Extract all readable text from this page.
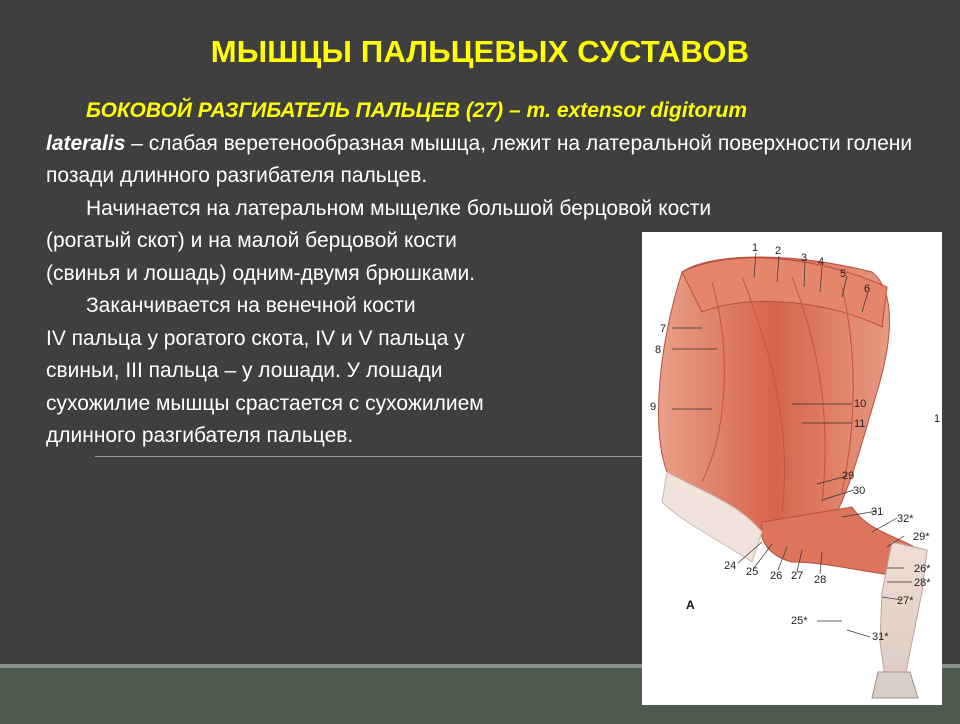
МЫШЦЫ ПАЛЬЦЕВЫХ СУСТАВОВ

БОКОВОЙ РАЗГИБАТЕЛЬ ПАЛЬЦЕВ (27) – m. extensor digitorum
lateralis – слабая веретенообразная мышца, лежит на латеральной поверхности голени позади длинного разгибателя пальцев.

Начинается на латеральном мыщелке большой берцовой кости
(рогатый скот) и на малой берцовой кости
(свинья и лошадь) одним-двумя брюшками.

Заканчивается на венечной кости
IV пальца у рогатого скота, IV и V пальца у
свиньи, III пальца – у лошади. У лошади
сухожилие мышцы срастается с сухожилием
длинного разгибателя пальцев.

1 2
3 4
5
6
7
8
9	10
11	1
29
30
31
32*
29*
26*
28*
27*
24 25 26 27 28
25*
31*
A
